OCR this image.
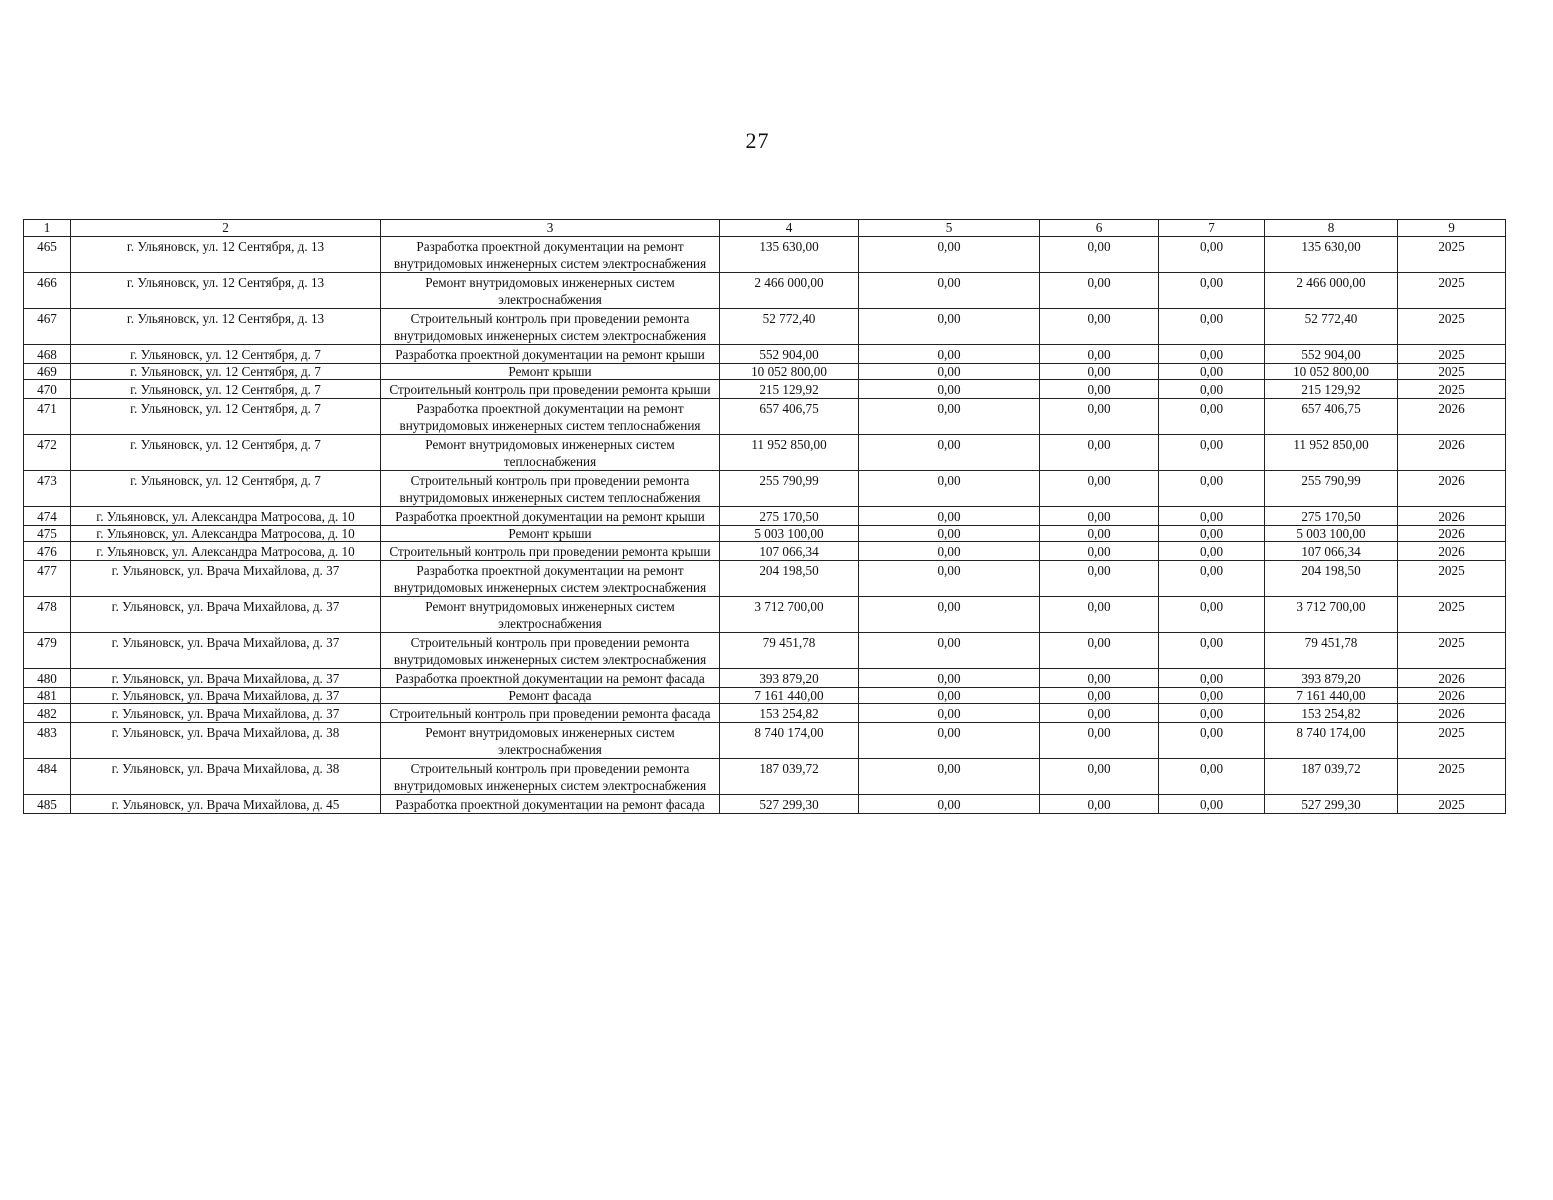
27
1	2	3	4	5	6	7	8	9
465	г. Ульяновск, ул. 12 Сентября, д. 13	Разработка проектной документации на ремонт внутридомовых инженерных систем электроснабжения	135 630,00	0,00	0,00	0,00	135 630,00	2025
466	г. Ульяновск, ул. 12 Сентября, д. 13	Ремонт внутридомовых инженерных систем электроснабжения	2 466 000,00	0,00	0,00	0,00	2 466 000,00	2025
467	г. Ульяновск, ул. 12 Сентября, д. 13	Строительный контроль при проведении ремонта внутридомовых инженерных систем электроснабжения	52 772,40	0,00	0,00	0,00	52 772,40	2025
468	г. Ульяновск, ул. 12 Сентября, д. 7	Разработка проектной документации на ремонт крыши	552 904,00	0,00	0,00	0,00	552 904,00	2025
469	г. Ульяновск, ул. 12 Сентября, д. 7	Ремонт крыши	10 052 800,00	0,00	0,00	0,00	10 052 800,00	2025
470	г. Ульяновск, ул. 12 Сентября, д. 7	Строительный контроль при проведении ремонта крыши	215 129,92	0,00	0,00	0,00	215 129,92	2025
471	г. Ульяновск, ул. 12 Сентября, д. 7	Разработка проектной документации на ремонт внутридомовых инженерных систем теплоснабжения	657 406,75	0,00	0,00	0,00	657 406,75	2026
472	г. Ульяновск, ул. 12 Сентября, д. 7	Ремонт внутридомовых инженерных систем теплоснабжения	11 952 850,00	0,00	0,00	0,00	11 952 850,00	2026
473	г. Ульяновск, ул. 12 Сентября, д. 7	Строительный контроль при проведении ремонта внутридомовых инженерных систем теплоснабжения	255 790,99	0,00	0,00	0,00	255 790,99	2026
474	г. Ульяновск, ул. Александра Матросова, д. 10	Разработка проектной документации на ремонт крыши	275 170,50	0,00	0,00	0,00	275 170,50	2026
475	г. Ульяновск, ул. Александра Матросова, д. 10	Ремонт крыши	5 003 100,00	0,00	0,00	0,00	5 003 100,00	2026
476	г. Ульяновск, ул. Александра Матросова, д. 10	Строительный контроль при проведении ремонта крыши	107 066,34	0,00	0,00	0,00	107 066,34	2026
477	г. Ульяновск, ул. Врача Михайлова, д. 37	Разработка проектной документации на ремонт внутридомовых инженерных систем электроснабжения	204 198,50	0,00	0,00	0,00	204 198,50	2025
478	г. Ульяновск, ул. Врача Михайлова, д. 37	Ремонт внутридомовых инженерных систем электроснабжения	3 712 700,00	0,00	0,00	0,00	3 712 700,00	2025
479	г. Ульяновск, ул. Врача Михайлова, д. 37	Строительный контроль при проведении ремонта внутридомовых инженерных систем электроснабжения	79 451,78	0,00	0,00	0,00	79 451,78	2025
480	г. Ульяновск, ул. Врача Михайлова, д. 37	Разработка проектной документации на ремонт фасада	393 879,20	0,00	0,00	0,00	393 879,20	2026
481	г. Ульяновск, ул. Врача Михайлова, д. 37	Ремонт фасада	7 161 440,00	0,00	0,00	0,00	7 161 440,00	2026
482	г. Ульяновск, ул. Врача Михайлова, д. 37	Строительный контроль при проведении ремонта фасада	153 254,82	0,00	0,00	0,00	153 254,82	2026
483	г. Ульяновск, ул. Врача Михайлова, д. 38	Ремонт внутридомовых инженерных систем электроснабжения	8 740 174,00	0,00	0,00	0,00	8 740 174,00	2025
484	г. Ульяновск, ул. Врача Михайлова, д. 38	Строительный контроль при проведении ремонта внутридомовых инженерных систем электроснабжения	187 039,72	0,00	0,00	0,00	187 039,72	2025
485	г. Ульяновск, ул. Врача Михайлова, д. 45	Разработка проектной документации на ремонт фасада	527 299,30	0,00	0,00	0,00	527 299,30	2025
